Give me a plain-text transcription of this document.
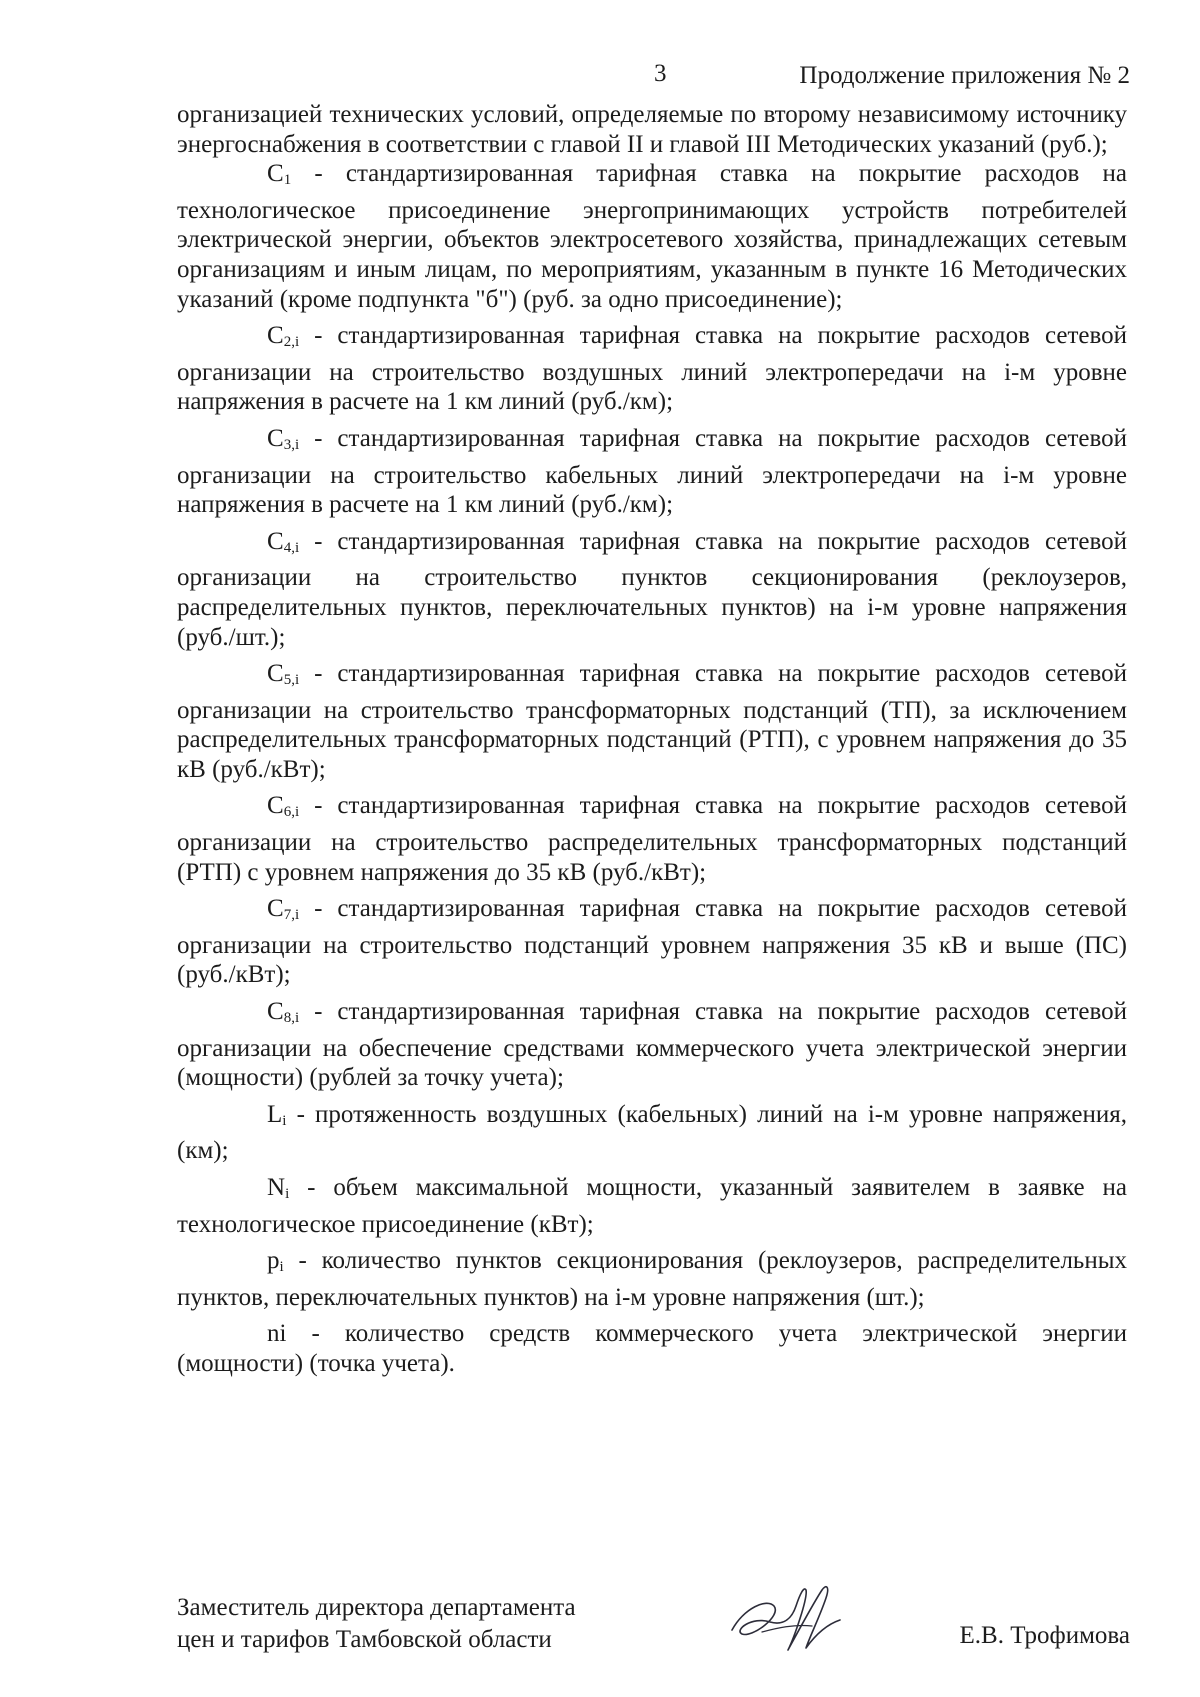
3	Продолжение приложения № 2

организацией технических условий, определяемые по второму независимому источнику энергоснабжения в соответствии с главой II и главой III Методических указаний (руб.);

$C_1$ - стандартизированная тарифная ставка на покрытие расходов на технологическое присоединение энергопринимающих устройств потребителей электрической энергии, объектов электросетевого хозяйства, принадлежащих сетевым организациям и иным лицам, по мероприятиям, указанным в пункте 16 Методических указаний (кроме подпункта "б") (руб. за одно присоединение);

$C_{2,i}$ - стандартизированная тарифная ставка на покрытие расходов сетевой организации на строительство воздушных линий электропередачи на i-м уровне напряжения в расчете на 1 км линий (руб./км);

$C_{3,i}$ - стандартизированная тарифная ставка на покрытие расходов сетевой организации на строительство кабельных линий электропередачи на i-м уровне напряжения в расчете на 1 км линий (руб./км);

$C_{4,i}$ - стандартизированная тарифная ставка на покрытие расходов сетевой организации на строительство пунктов секционирования (реклоузеров, распределительных пунктов, переключательных пунктов) на i-м уровне напряжения (руб./шт.);

$C_{5,i}$ - стандартизированная тарифная ставка на покрытие расходов сетевой организации на строительство трансформаторных подстанций (ТП), за исключением распределительных трансформаторных подстанций (РТП), с уровнем напряжения до 35 кВ (руб./кВт);

$C_{6,i}$ - стандартизированная тарифная ставка на покрытие расходов сетевой организации на строительство распределительных трансформаторных подстанций (РТП) с уровнем напряжения до 35 кВ (руб./кВт);

$C_{7,i}$ - стандартизированная тарифная ставка на покрытие расходов сетевой организации на строительство подстанций уровнем напряжения 35 кВ и выше (ПС) (руб./кВт);

$C_{8,i}$ - стандартизированная тарифная ставка на покрытие расходов сетевой организации на обеспечение средствами коммерческого учета электрической энергии (мощности) (рублей за точку учета);

$L_i$ - протяженность воздушных (кабельных) линий на i-м уровне напряжения, (км);

$N_i$ - объем максимальной мощности, указанный заявителем в заявке на технологическое присоединение (кВт);

$p_i$ - количество пунктов секционирования (реклоузеров, распределительных пунктов, переключательных пунктов) на i-м уровне напряжения (шт.);

ni - количество средств коммерческого учета электрической энергии (мощности) (точка учета).

Заместитель директора департамента
цен и тарифов Тамбовской области	Е.В. Трофимова
